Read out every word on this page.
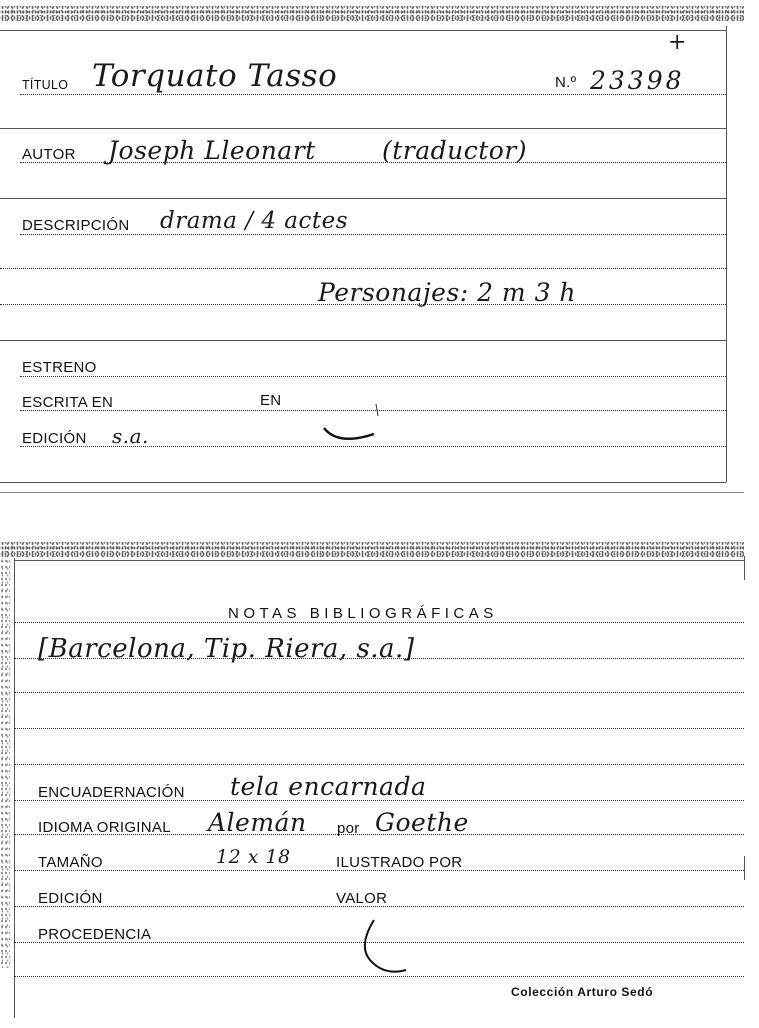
TÍTULO Torquato Tasso	N.º 23398
+
AUTOR Joseph Lleonart	(traductor)
DESCRIPCIÓN drama / 4 actes
Personajes: 2 m 3 h
ESTRENO
ESCRITA EN	EN
EDICIÓN s.a.
NOTAS BIBLIOGRÁFICAS
[Barcelona, Tip. Riera, s.a.]
ENCUADERNACIÓN tela encarnada
IDIOMA ORIGINAL Alemán por Goethe
TAMAÑO	12 x 18	ILUSTRADO POR
EDICIÓN	VALOR
PROCEDENCIA
Colección Arturo Sedó
